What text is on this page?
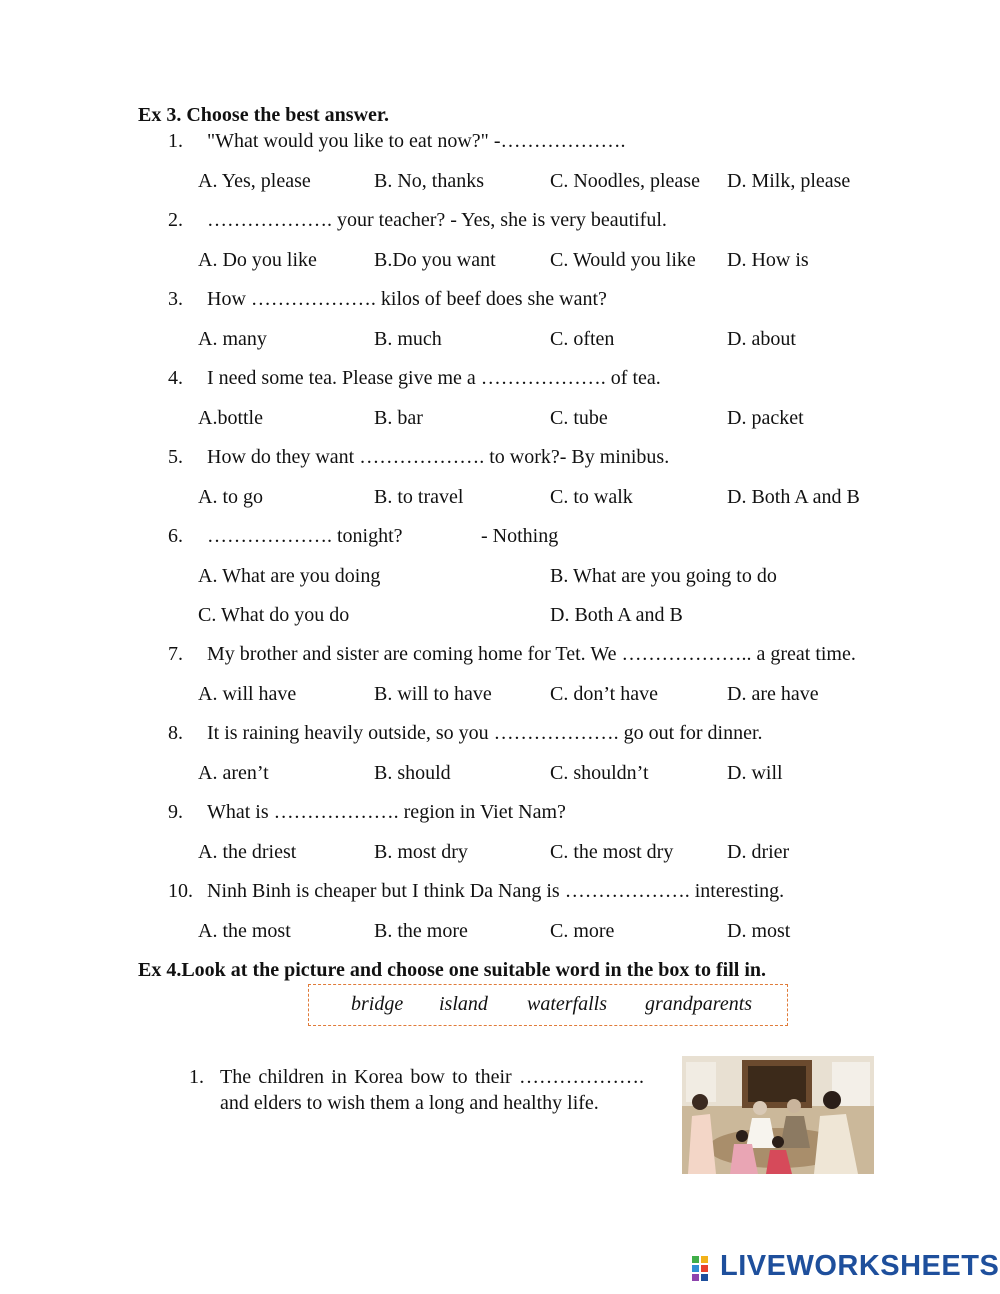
Ex 3. Choose the best answer.
1. "What would you like to eat now?" -……………….
A. Yes, please	B. No, thanks	C. Noodles, please D. Milk, please
2. ………………. your teacher? - Yes, she is very beautiful.
A. Do you like	B.Do you want	C. Would you like D. How is
3. How ………………. kilos of beef does she want?
A. many	B. much	C. often	D. about
4. I need some tea. Please give me a ………………. of tea.
A.bottle	B. bar	C. tube	D. packet
5. How do they want ………………. to work?- By minibus.
A. to go	B. to travel	C. to walk	D. Both A and B
6. ………………. tonight?	- Nothing
A. What are you doing	B. What are you going to do
C. What do you do	D. Both A and B
7. My brother and sister are coming home for Tet. We ……………….. a great time.
A. will have	B. will to have	C. don’t have	D. are have
8. It is raining heavily outside, so you ………………. go out for dinner.
A. aren’t	B. should	C. shouldn’t	D. will
9. What is ………………. region in Viet Nam?
A. the driest	B. most dry	C. the most dry	D. drier
10. Ninh Binh is cheaper but I think Da Nang is ………………. interesting.
A. the most	B. the more	C. more	D. most
Ex 4.Look at the picture and choose one suitable word in the box to fill in.
bridge island waterfalls grandparents
1. The children in Korea bow to their ………………. and elders to wish them a long and healthy life.
LIVEWORKSHEETS
